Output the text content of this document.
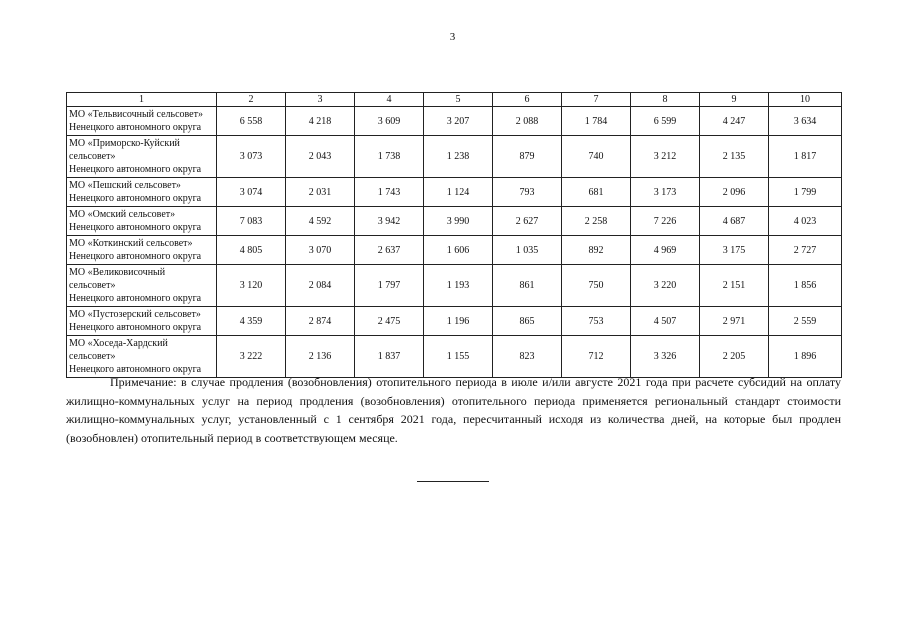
3
1	2	3	4	5	6	7	8	9	10

МО «Тельвисочный сельсовет»
Ненецкого автономного округа	6 558	4 218	3 609	3 207	2 088	1 784	6 599	4 247	3 634

МО «Приморско-Куйский
сельсовет»
Ненецкого автономного округа	3 073	2 043	1 738	1 238	879	740	3 212	2 135	1 817

МО «Пешский сельсовет»
Ненецкого автономного округа	3 074	2 031	1 743	1 124	793	681	3 173	2 096	1 799

МО «Омский сельсовет»
Ненецкого автономного округа	7 083	4 592	3 942	3 990	2 627	2 258	7 226	4 687	4 023

МО «Коткинский сельсовет»
Ненецкого автономного округа	4 805	3 070	2 637	1 606	1 035	892	4 969	3 175	2 727

МО «Великовисочный
сельсовет»
Ненецкого автономного округа	3 120	2 084	1 797	1 193	861	750	3 220	2 151	1 856

МО «Пустозерский сельсовет»
Ненецкого автономного округа	4 359	2 874	2 475	1 196	865	753	4 507	2 971	2 559

МО «Хоседа-Хардский
сельсовет»
Ненецкого автономного округа	3 222	2 136	1 837	1 155	823	712	3 326	2 205	1 896
Примечание: в случае продления (возобновления) отопительного периода в июле и/или августе 2021 года при расчете субсидий на оплату жилищно-коммунальных услуг на период продления (возобновления) отопительного периода применяется региональный стандарт стоимости жилищно-коммунальных услуг, установленный с 1 сентября 2021 года, пересчитанный исходя из количества дней, на которые был продлен (возобновлен) отопительный период в соответствующем месяце.
